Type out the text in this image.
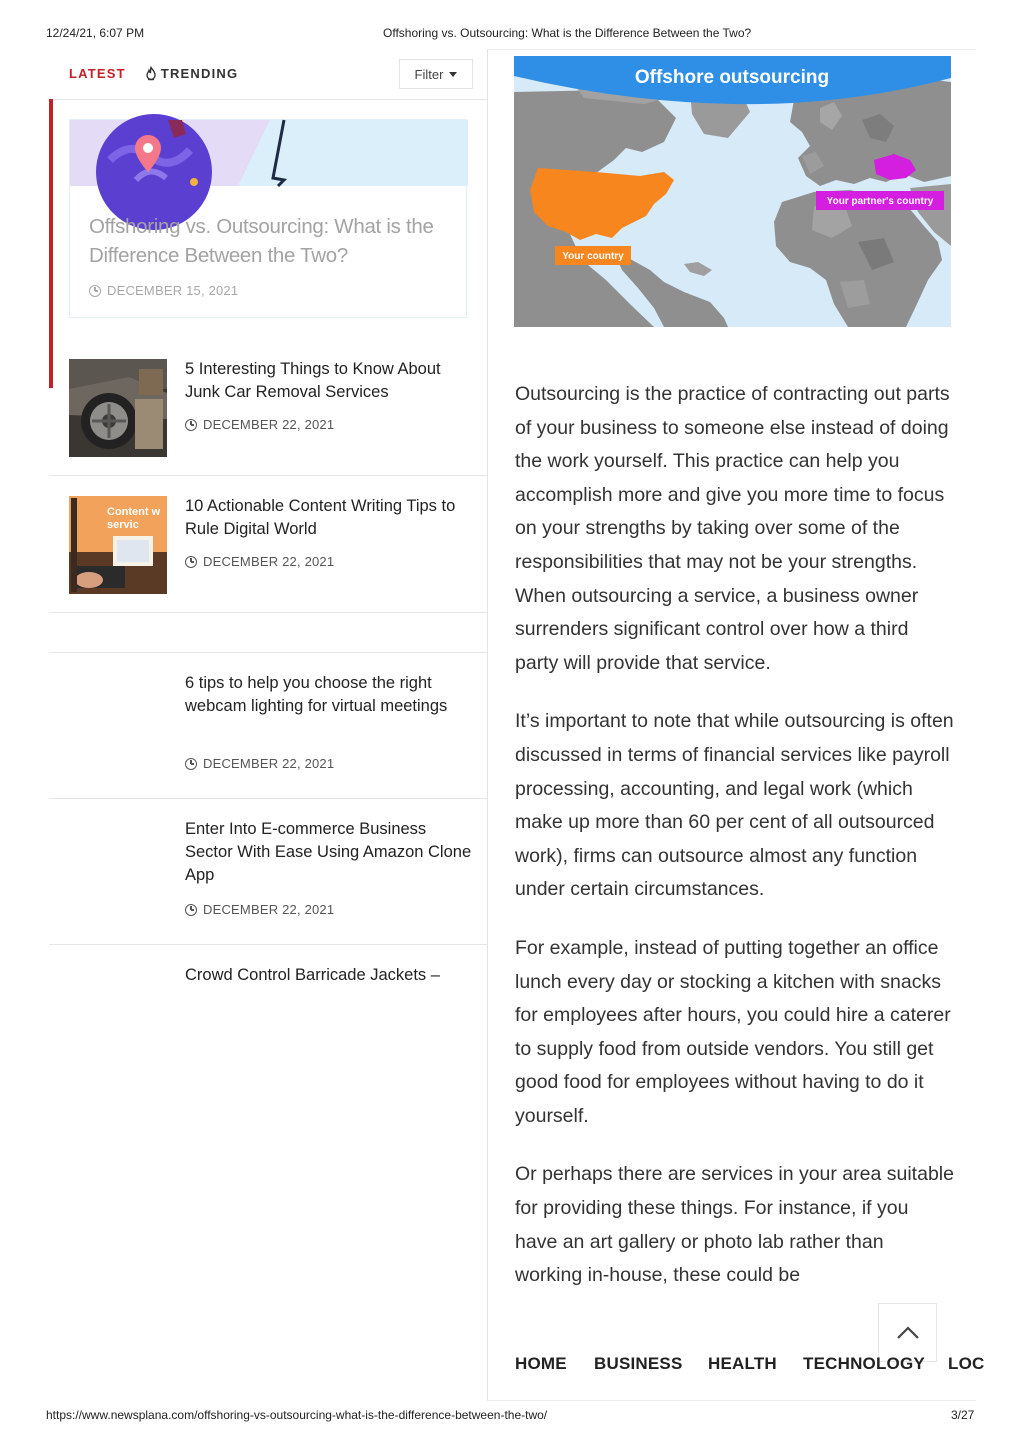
12/24/21, 6:07 PM	Offshoring vs. Outsourcing: What is the Difference Between the Two?
LATEST	TRENDING	Filter
Offshoring vs. Outsourcing: What is the Difference Between the Two?
DECEMBER 15, 2021
5 Interesting Things to Know About Junk Car Removal Services
DECEMBER 22, 2021
Content w servic
10 Actionable Content Writing Tips to Rule Digital World
DECEMBER 22, 2021
6 tips to help you choose the right webcam lighting for virtual meetings
DECEMBER 22, 2021
Enter Into E-commerce Business Sector With Ease Using Amazon Clone App
DECEMBER 22, 2021
Crowd Control Barricade Jackets –
Offshore outsourcing
Your partner's country
Your country

Outsourcing is the practice of contracting out parts of your business to someone else instead of doing the work yourself. This practice can help you accomplish more and give you more time to focus on your strengths by taking over some of the responsibilities that may not be your strengths. When outsourcing a service, a business owner surrenders significant control over how a third party will provide that service.

It’s important to note that while outsourcing is often discussed in terms of financial services like payroll processing, accounting, and legal work (which make up more than 60 per cent of all outsourced work), firms can outsource almost any function under certain circumstances.

For example, instead of putting together an office lunch every day or stocking a kitchen with snacks for employees after hours, you could hire a caterer to supply food from outside vendors. You still get good food for employees without having to do it yourself.

Or perhaps there are services in your area suitable for providing these things. For instance, if you have an art gallery or photo lab rather than working in-house, these could be

HOME BUSINESS HEALTH TECHNOLOGY LOC
https://www.newsplana.com/offshoring-vs-outsourcing-what-is-the-difference-between-the-two/	3/27
